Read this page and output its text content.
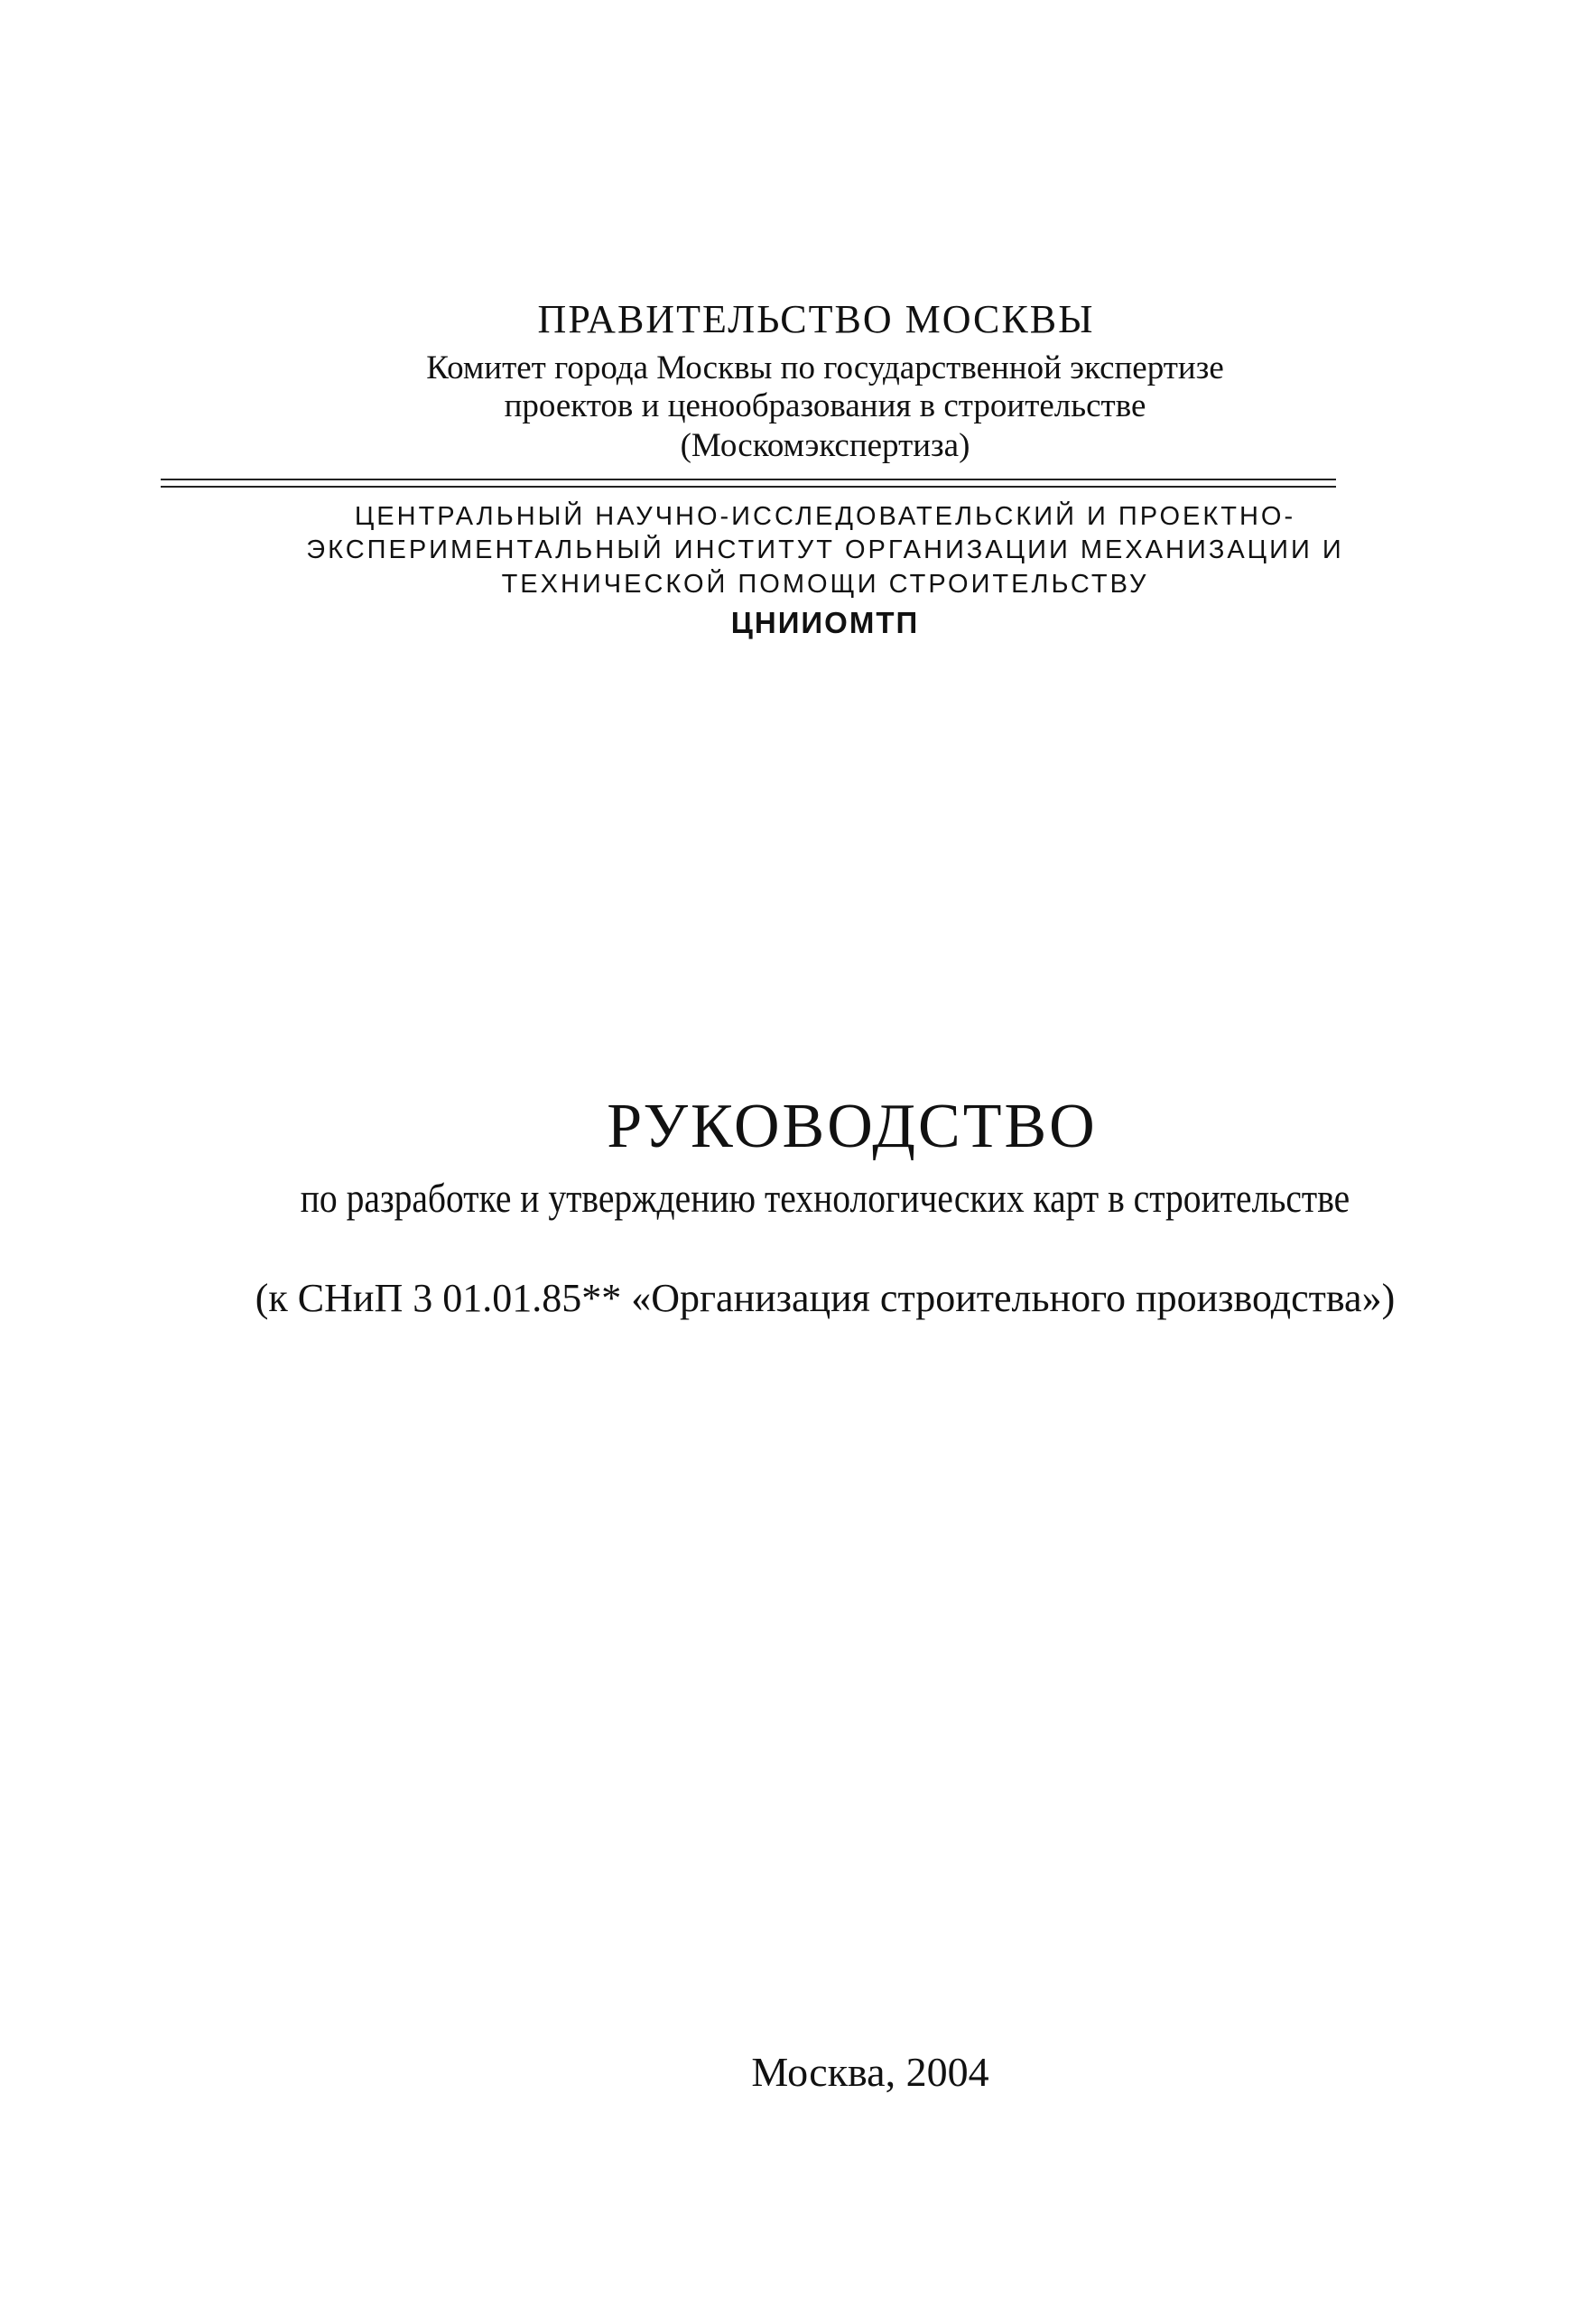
ПРАВИТЕЛЬСТВО МОСКВЫ
Комитет города Москвы по государственной экспертизе
проектов и ценообразования в строительстве
(Москомэкспертиза)
ЦЕНТРАЛЬНЫЙ НАУЧНО-ИССЛЕДОВАТЕЛЬСКИЙ И ПРОЕКТНО-
ЭКСПЕРИМЕНТАЛЬНЫЙ ИНСТИТУТ ОРГАНИЗАЦИИ МЕХАНИЗАЦИИ И
ТЕХНИЧЕСКОЙ ПОМОЩИ СТРОИТЕЛЬСТВУ
ЦНИИОМТП
РУКОВОДСТВО
по разработке и утверждению технологических карт в строительстве
(к СНиП 3 01.01.85** «Организация строительного производства»)
Москва, 2004
